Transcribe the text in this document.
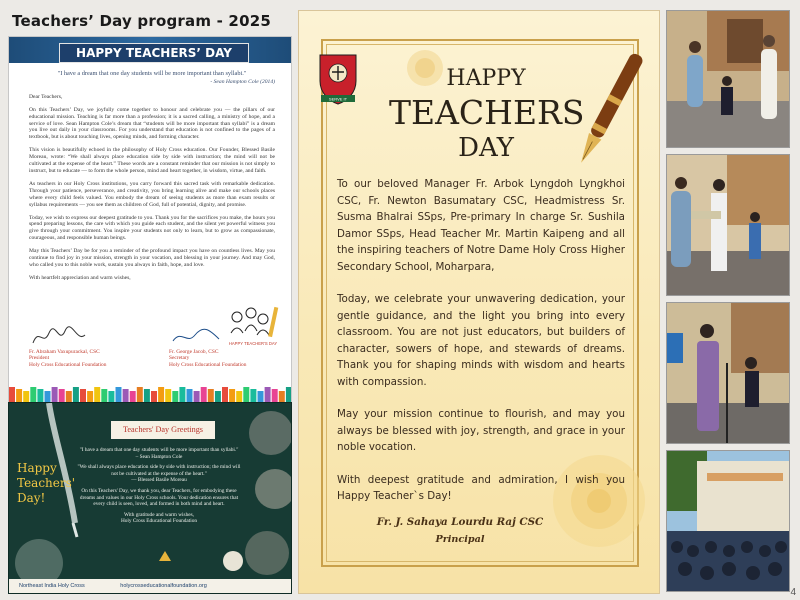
Teachers’ Day program - 2025
HAPPY TEACHERS’ DAY
"I have a dream that one day students will be more important than syllabi."
- Sean Hampton Cole (2014)

Dear Teachers,

On this Teachers’ Day, we joyfully come together to honour and celebrate you — the pillars of our educational mission. Teaching is far more than a profession; it is a sacred calling, a ministry of hope, and a service of love. Sean Hampton Cole’s dream that “students will be more important than syllabi” is a dream you live out daily in your classrooms. For you understand that education is not confined to the pages of a textbook, but is about touching lives, opening minds, and forming character.

This vision is beautifully echoed in the philosophy of Holy Cross education. Our Founder, Blessed Basile Moreau, wrote: “We shall always place education side by side with instruction; the mind will not be cultivated at the expense of the heart.” These words are a constant reminder that our mission is not simply to instruct, but to educate — to form the whole person, mind and heart together, in wisdom, virtue, and faith.

As teachers in our Holy Cross institutions, you carry forward this sacred task with remarkable dedication. Through your patience, perseverance, and creativity, you bring learning alive and make our schools places where every child feels valued. You embody the dream of seeing students as more than exam results or syllabus requirements — you see them as children of God, full of potential, dignity, and promise.

Today, we wish to express our deepest gratitude to you. Thank you for the sacrifices you make, the hours you spend preparing lessons, the care with which you guide each student, and the silent yet powerful witness you give through your commitment. You inspire your students not only to learn, but to grow as compassionate, courageous, and responsible human beings.

May this Teachers’ Day be for you a reminder of the profound impact you have on countless lives. May you continue to find joy in your mission, strength in your vocation, and blessing in your journey. And may God, who called you to this noble work, sustain you always in faith, hope, and love.

With heartfelt appreciation and warm wishes,

HAPPY TEACHER'S DAY
Fr. Abraham Vaxupurackal, CSC
President
Holy Cross Educational Foundation
Fr. George Jacob, CSC
Secretary
Holy Cross Educational Foundation
Happy
Teachers'
Day!
Teachers' Day Greetings

"I have a dream that one day students will be more important than syllabi."
– Sean Hampton Cole

"We shall always place education side by side with instruction; the mind will not be cultivated at the expense of the heart."
— Blessed Basile Moreau

On this Teachers' Day, we thank you, dear Teachers, for embodying these dreams and values in our Holy Cross schools. Your dedication ensures that every child is seen, loved, and formed in both mind and heart.

With gratitude and warm wishes,
Holy Cross Educational Foundation

Northeast India Holy Cross	holycrosseducationalfoundation.org
SERVE IT
HAPPY
TEACHERS
DAY

To our beloved Manager Fr. Arbok Lyngdoh Lyngkhoi CSC, Fr. Newton Basumatary CSC, Headmistress Sr. Susma Bhalrai SSps, Pre-primary In charge Sr. Sushila Damor SSps, Head Teacher Mr. Martin Kaipeng and all the inspiring teachers of Notre Dame Holy Cross Higher Secondary School, Moharpara,

Today, we celebrate your unwavering dedication, your gentle guidance, and the light you bring into every classroom. You are not just educators, but builders of character, sowers of hope, and stewards of dreams. Thank you for shaping minds with wisdom and hearts with compassion.

May your mission continue to flourish, and may you always be blessed with joy, strength, and grace in your noble vocation.

With deepest gratitude and admiration, I wish you Happy Teacher`s Day!

Fr. J. Sahaya Lourdu Raj CSC
Principal
4
